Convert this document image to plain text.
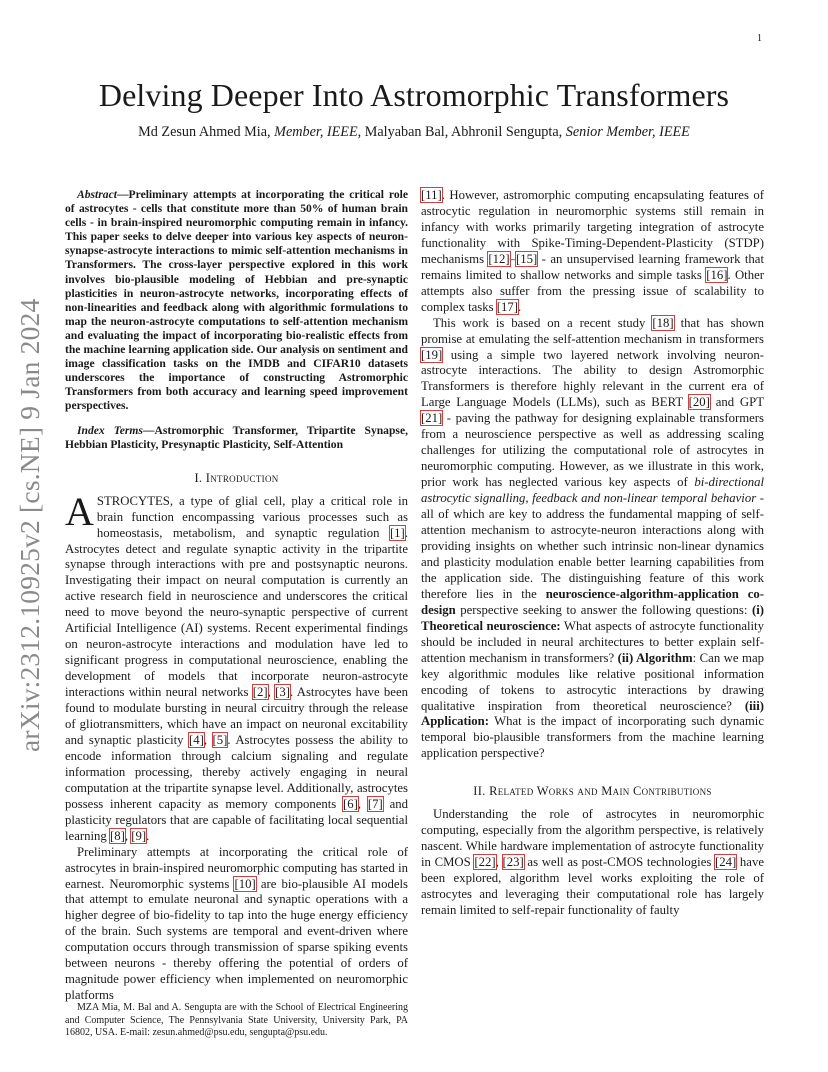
1
arXiv:2312.10925v2 [cs.NE] 9 Jan 2024
Delving Deeper Into Astromorphic Transformers
Md Zesun Ahmed Mia, Member, IEEE, Malyaban Bal, Abhronil Sengupta, Senior Member, IEEE

Abstract—Preliminary attempts at incorporating the critical role of astrocytes - cells that constitute more than 50% of human brain cells - in brain-inspired neuromorphic computing remain in infancy. This paper seeks to delve deeper into various key aspects of neuron-synapse-astrocyte interactions to mimic self-attention mechanisms in Transformers. The cross-layer perspective explored in this work involves bio-plausible modeling of Hebbian and pre-synaptic plasticities in neuron-astrocyte networks, incorporating effects of non-linearities and feedback along with algorithmic formulations to map the neuron-astrocyte computations to self-attention mechanism and evaluating the impact of incorporating bio-realistic effects from the machine learning application side. Our analysis on sentiment and image classification tasks on the IMDB and CIFAR10 datasets underscores the importance of constructing Astromorphic Transformers from both accuracy and learning speed improvement perspectives.

Index Terms—Astromorphic Transformer, Tripartite Synapse, Hebbian Plasticity, Presynaptic Plasticity, Self-Attention

I. Introduction

ASTROCYTES, a type of glial cell, play a critical role in brain function encompassing various processes such as homeostasis, metabolism, and synaptic regulation [1]. Astrocytes detect and regulate synaptic activity in the tripartite synapse through interactions with pre and postsynaptic neurons. Investigating their impact on neural computation is currently an active research field in neuroscience and underscores the critical need to move beyond the neuro-synaptic perspective of current Artificial Intelligence (AI) systems. Recent experimental findings on neuron-astrocyte interactions and modulation have led to significant progress in computational neuroscience, enabling the development of models that incorporate neuron-astrocyte interactions within neural networks [2], [3]. Astrocytes have been found to modulate bursting in neural circuitry through the release of gliotransmitters, which have an impact on neuronal excitability and synaptic plasticity [4], [5]. Astrocytes possess the ability to encode information through calcium signaling and regulate information processing, thereby actively engaging in neural computation at the tripartite synapse level. Additionally, astrocytes possess inherent capacity as memory components [6], [7] and plasticity regulators that are capable of facilitating local sequential learning [8], [9].

Preliminary attempts at incorporating the critical role of astrocytes in brain-inspired neuromorphic computing has started in earnest. Neuromorphic systems [10] are bio-plausible AI models that attempt to emulate neuronal and synaptic operations with a higher degree of bio-fidelity to tap into the huge energy efficiency of the brain. Such systems are temporal and event-driven where computation occurs through transmission of sparse spiking events between neurons - thereby offering the potential of orders of magnitude power efficiency when implemented on neuromorphic platforms

[11]. However, astromorphic computing encapsulating features of astrocytic regulation in neuromorphic systems still remain in infancy with works primarily targeting integration of astrocyte functionality with Spike-Timing-Dependent-Plasticity (STDP) mechanisms [12]–[15] - an unsupervised learning framework that remains limited to shallow networks and simple tasks [16]. Other attempts also suffer from the pressing issue of scalability to complex tasks [17].

This work is based on a recent study [18] that has shown promise at emulating the self-attention mechanism in transformers [19] using a simple two layered network involving neuron-astrocyte interactions. The ability to design Astromorphic Transformers is therefore highly relevant in the current era of Large Language Models (LLMs), such as BERT [20] and GPT [21] - paving the pathway for designing explainable transformers from a neuroscience perspective as well as addressing scaling challenges for utilizing the computational role of astrocytes in neuromorphic computing. However, as we illustrate in this work, prior work has neglected various key aspects of bi-directional astrocytic signalling, feedback and non-linear temporal behavior - all of which are key to address the fundamental mapping of self-attention mechanism to astrocyte-neuron interactions along with providing insights on whether such intrinsic non-linear dynamics and plasticity modulation enable better learning capabilities from the application side. The distinguishing feature of this work therefore lies in the neuroscience-algorithm-application co-design perspective seeking to answer the following questions: (i) Theoretical neuroscience: What aspects of astrocyte functionality should be included in neural architectures to better explain self-attention mechanism in transformers? (ii) Algorithm: Can we map key algorithmic modules like relative positional information encoding of tokens to astrocytic interactions by drawing qualitative inspiration from theoretical neuroscience? (iii) Application: What is the impact of incorporating such dynamic temporal bio-plausible transformers from the machine learning application perspective?

II. Related Works and Main Contributions

Understanding the role of astrocytes in neuromorphic computing, especially from the algorithm perspective, is relatively nascent. While hardware implementation of astrocyte functionality in CMOS [22], [23] as well as post-CMOS technologies [24] have been explored, algorithm level works exploiting the role of astrocytes and leveraging their computational role has largely remain limited to self-repair functionality of faulty

MZA Mia, M. Bal and A. Sengupta are with the School of Electrical Engineering and Computer Science, The Pennsylvania State University, University Park, PA 16802, USA. E-mail: zesun.ahmed@psu.edu, sengupta@psu.edu.
